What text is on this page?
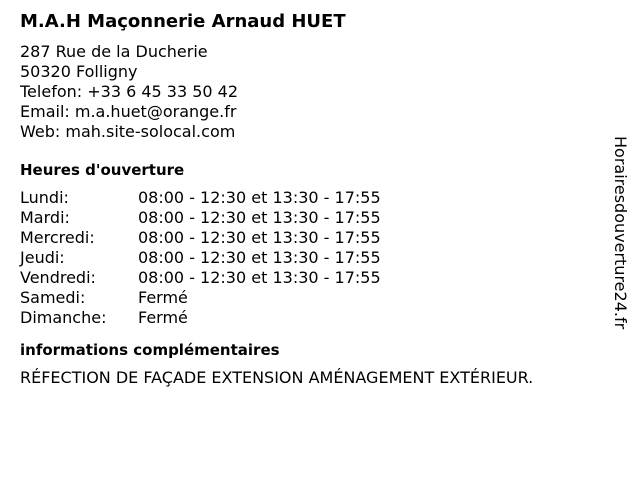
M.A.H Maçonnerie Arnaud HUET
287 Rue de la Ducherie
50320 Folligny
Telefon: +33 6 45 33 50 42
Email: m.a.huet@orange.fr
Web: mah.site-solocal.com
Heures d'ouverture
Lundi:	08:00 - 12:30 et 13:30 - 17:55
Mardi:	08:00 - 12:30 et 13:30 - 17:55
Mercredi:	08:00 - 12:30 et 13:30 - 17:55
Jeudi:	08:00 - 12:30 et 13:30 - 17:55
Vendredi:	08:00 - 12:30 et 13:30 - 17:55
Samedi:	Fermé
Dimanche:	Fermé
informations complémentaires
RÉFECTION DE FAÇADE EXTENSION AMÉNAGEMENT EXTÉRIEUR.
Horairesdouverture24.fr
